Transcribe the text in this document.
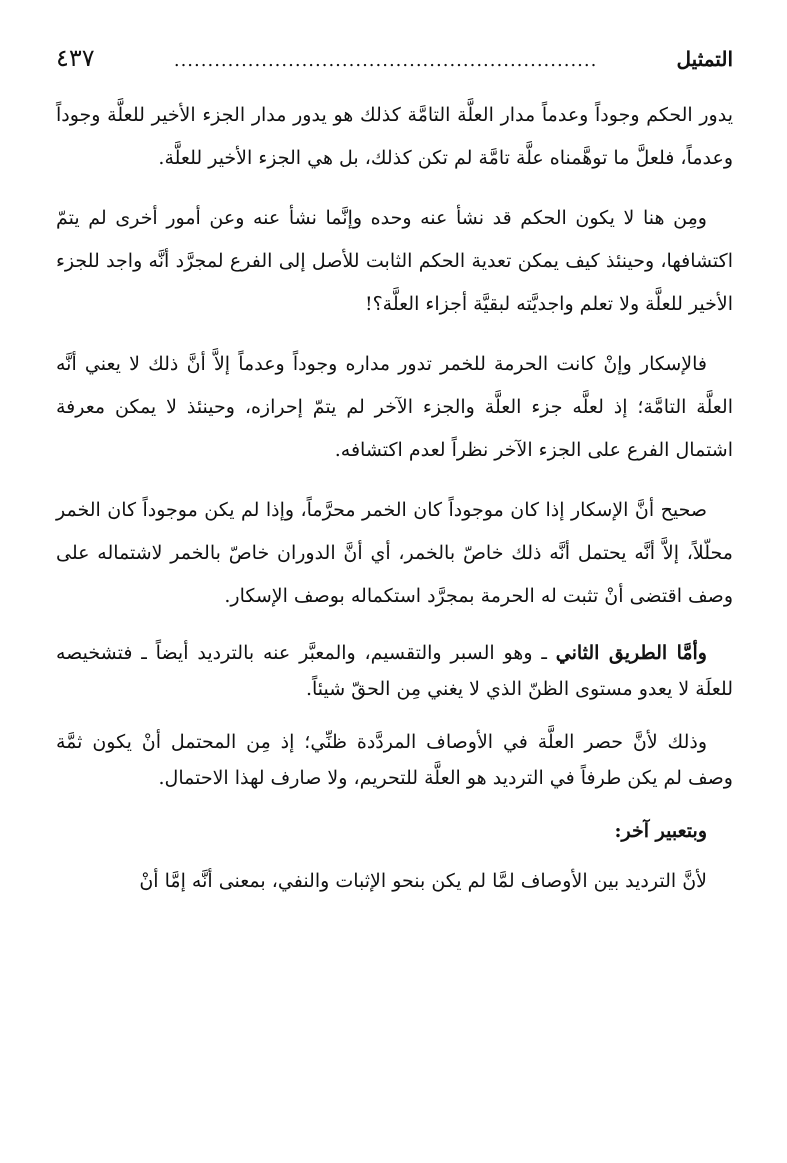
التمثيل
...............................................................
٤٣٧

يدور الحكم وجوداً وعدماً مدار العلَّة التامَّة كذلك هو يدور مدار الجزء الأخير للعلَّة وجوداً وعدماً، فلعلَّ ما توهَّمناه علَّة تامَّة لم تكن كذلك، بل هي الجزء الأخير للعلَّة.

ومِن هنا لا يكون الحكم قد نشأ عنه وحده وإنَّما نشأ عنه وعن أمور أخرى لم يتمّ اكتشافها، وحينئذ كيف يمكن تعدية الحكم الثابت للأصل إلى الفرع لمجرَّد أنَّه واجد للجزء الأخير للعلَّة ولا تعلم واجديَّته لبقيَّة أجزاء العلَّة؟!

فالإسكار وإنْ كانت الحرمة للخمر تدور مداره وجوداً وعدماً إلاَّ أنَّ ذلك لا يعني أنَّه العلَّة التامَّة؛ إذ لعلَّه جزء العلَّة والجزء الآخر لم يتمّ إحرازه، وحينئذ لا يمكن معرفة اشتمال الفرع على الجزء الآخر نظراً لعدم اكتشافه.

صحيح أنَّ الإسكار إذا كان موجوداً كان الخمر محرَّماً، وإذا لم يكن موجوداً كان الخمر محلّلاً، إلاَّ أنَّه يحتمل أنَّه ذلك خاصّ بالخمر، أي أنَّ الدوران خاصّ بالخمر لاشتماله على وصف اقتضى أنْ تثبت له الحرمة بمجرَّد استكماله بوصف الإسكار.

وأمَّا الطريق الثاني ـ وهو السبر والتقسيم، والمعبَّر عنه بالترديد أيضاً ـ فتشخيصه للعلَة لا يعدو مستوى الظنّ الذي لا يغني مِن الحقّ شيئاً.

وذلك لأنَّ حصر العلَّة في الأوصاف المردَّدة ظنِّي؛ إذ مِن المحتمل أنْ يكون ثمَّة وصف لم يكن طرفاً في الترديد هو العلَّة للتحريم، ولا صارف لهذا الاحتمال.

وبتعبير آخر:

لأنَّ الترديد بين الأوصاف لمَّا لم يكن بنحو الإثبات والنفي، بمعنى أنَّه إمَّا أنْ
